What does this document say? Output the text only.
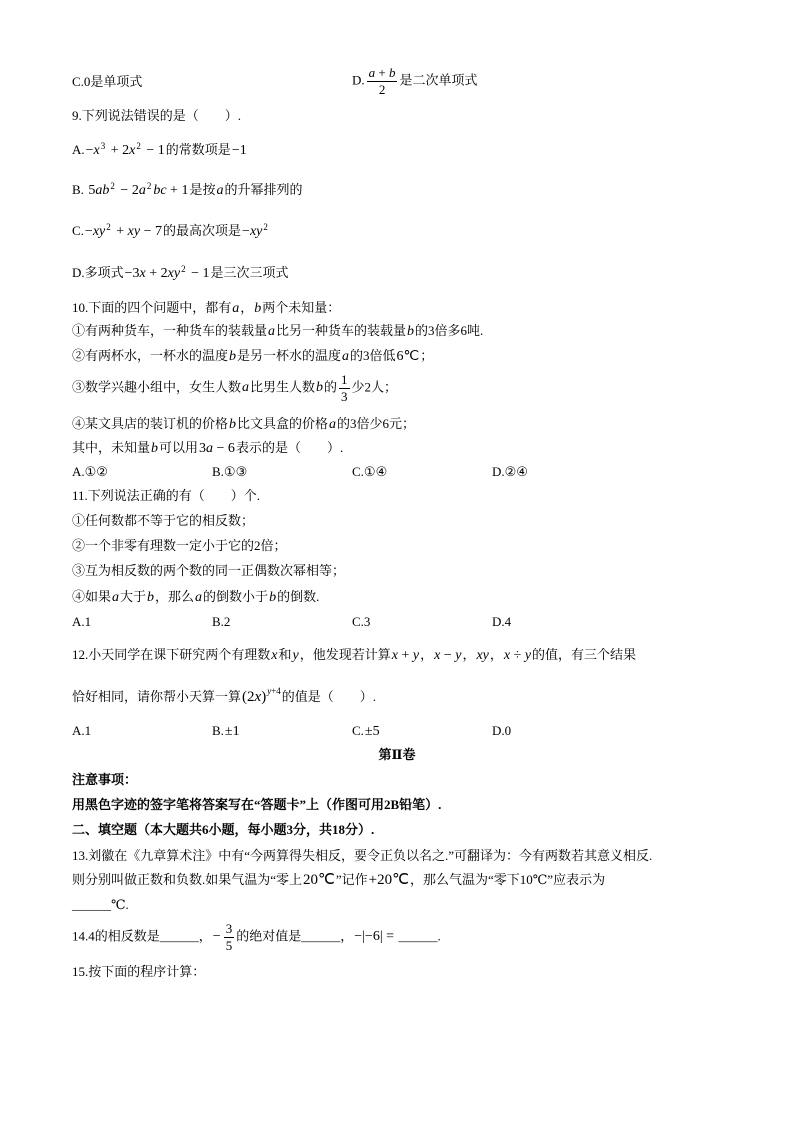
C.0是单项式	D. $\frac{a + b}{2}$ 是二次单项式
9.下列说法错误的是（　　）.
$A.-x^3 + 2x^2 - 1$的常数项是−1
B. $5ab^2 - 2a^2$ bc + 1是按a的升幂排列的
$C.-xy^2$ + xy − 7的最高次项是$-xy^2$
D.多项式$-3x + 2xy^2 - 1$是三次三项式
10.下面的四个问题中，都有a，b两个未知量：
①有两种货车，一种货车的装载量a比另一种货车的装载量b的3倍多6吨.
②有两杯水，一杯水的温度b是另一杯水的温度a的3倍低6℃；
③数学兴趣小组中，女生人数a比男生人数b的 $\frac{1}{3}$ 少2人；
④某文具店的装订机的价格b比文具盒的价格a的3倍少6元；
其中，未知量b可以用3a − 6表示的是（　　）.
A.①②	B.①③	C.①④	D.②④
11.下列说法正确的有（　　）个.
①任何数都不等于它的相反数；
②一个非零有理数一定小于它的2倍；
③互为相反数的两个数的同一正偶数次幂相等；
④如果a大于b，那么a的倒数小于b的倒数.
A.1	B.2	C.3	D.4
12.小天同学在课下研究两个有理数x和y，他发现若计算x + y，x − y，xy，x ÷ y的值，有三个结果
恰好相同，请你帮小天算一算$(2x)^{y+4}$的值是（　　）.
A.1	B.±1	C.±5	D.0
第Ⅱ卷
注意事项：
用黑色字迹的签字笔将答案写在“答题卡”上（作图可用2B铅笔）.
二、填空题（本大题共6小题，每小题3分，共18分）.
13.刘徽在《九章算术注》中有“今两算得失相反，要令正负以名之.”可翻译为：今有两数若其意义相反.
则分别叫做正数和负数.如果气温为“零上20℃”记作+20℃，那么气温为“零下10℃”应表示为
______℃.
14.4的相反数是______，− $\frac{3}{5}$ 的绝对值是______，−|−6| = ______.
15.按下面的程序计算：
